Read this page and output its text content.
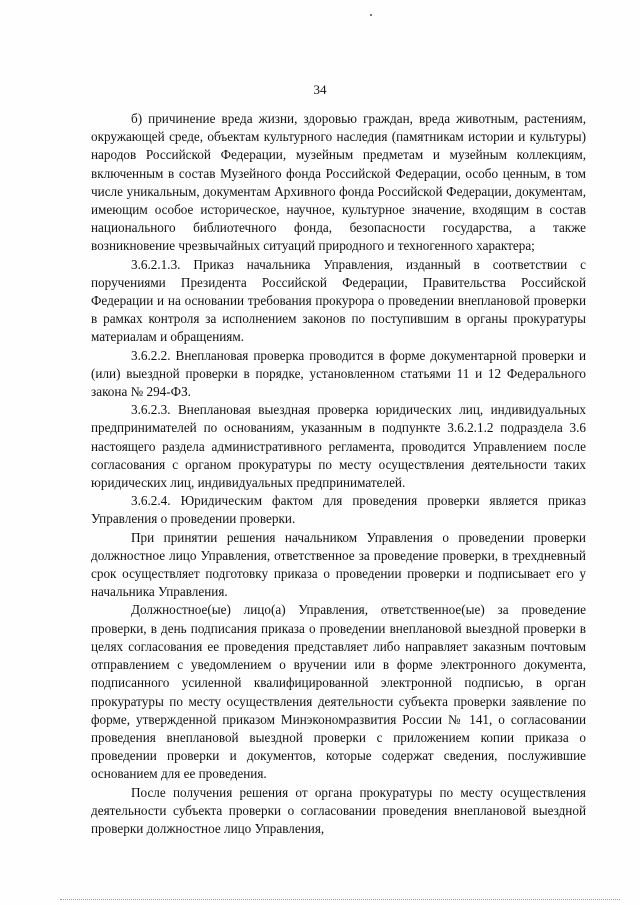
34

б) причинение вреда жизни, здоровью граждан, вреда животным, растениям, окружающей среде, объектам культурного наследия (памятникам истории и культуры) народов Российской Федерации, музейным предметам и музейным коллекциям, включенным в состав Музейного фонда Российской Федерации, особо ценным, в том числе уникальным, документам Архивного фонда Российской Федерации, документам, имеющим особое историческое, научное, культурное значение, входящим в состав национального библиотечного фонда, безопасности государства, а также возникновение чрезвычайных ситуаций природного и техногенного характера;

3.6.2.1.3. Приказ начальника Управления, изданный в соответствии с поручениями Президента Российской Федерации, Правительства Российской Федерации и на основании требования прокурора о проведении внеплановой проверки в рамках контроля за исполнением законов по поступившим в органы прокуратуры материалам и обращениям.

3.6.2.2. Внеплановая проверка проводится в форме документарной проверки и (или) выездной проверки в порядке, установленном статьями 11 и 12 Федерального закона № 294-ФЗ.

3.6.2.3. Внеплановая выездная проверка юридических лиц, индивидуальных предпринимателей по основаниям, указанным в подпункте 3.6.2.1.2 подраздела 3.6 настоящего раздела административного регламента, проводится Управлением после согласования с органом прокуратуры по месту осуществления деятельности таких юридических лиц, индивидуальных предпринимателей.

3.6.2.4. Юридическим фактом для проведения проверки является приказ Управления о проведении проверки.

При принятии решения начальником Управления о проведении проверки должностное лицо Управления, ответственное за проведение проверки, в трехдневный срок осуществляет подготовку приказа о проведении проверки и подписывает его у начальника Управления.

Должностное(ые) лицо(а) Управления, ответственное(ые) за проведение проверки, в день подписания приказа о проведении внеплановой выездной проверки в целях согласования ее проведения представляет либо направляет заказным почтовым отправлением с уведомлением о вручении или в форме электронного документа, подписанного усиленной квалифицированной электронной подписью, в орган прокуратуры по месту осуществления деятельности субъекта проверки заявление по форме, утвержденной приказом Минэкономразвития России № 141, о согласовании проведения внеплановой выездной проверки с приложением копии приказа о проведении проверки и документов, которые содержат сведения, послужившие основанием для ее проведения.

После получения решения от органа прокуратуры по месту осуществления деятельности субъекта проверки о согласовании проведения внеплановой выездной проверки должностное лицо Управления,
